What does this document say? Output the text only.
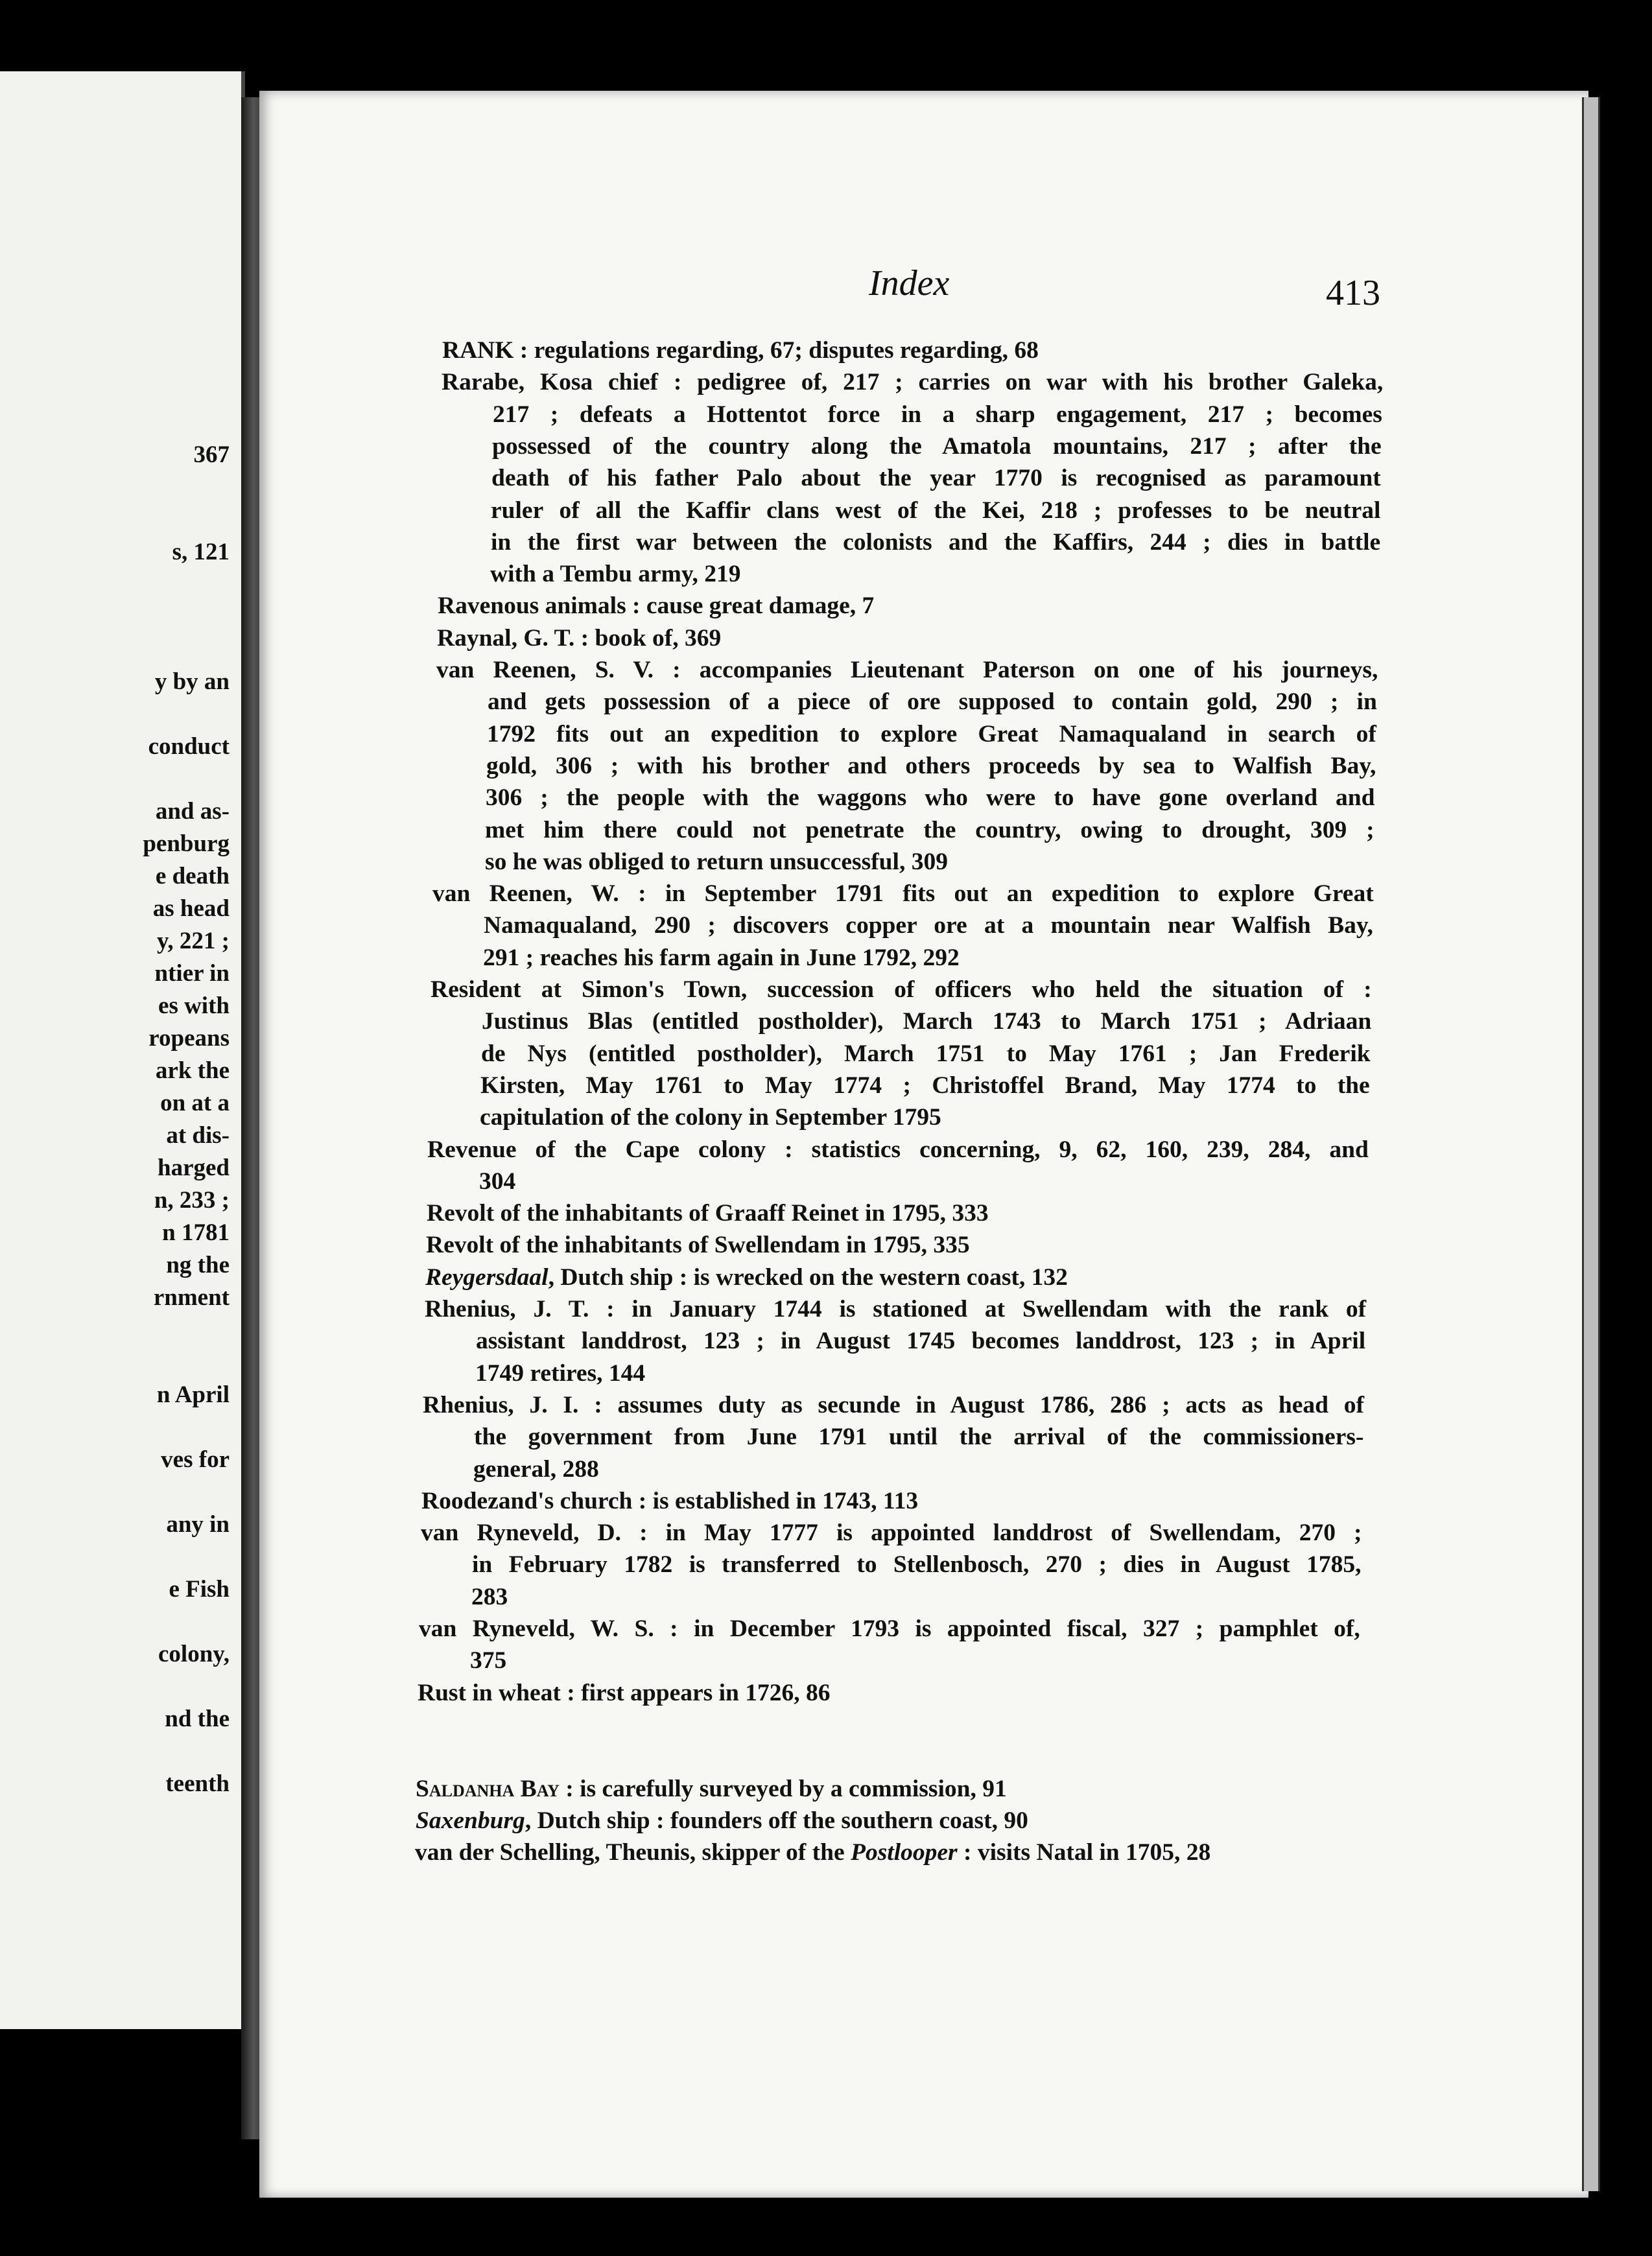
367
s, 121
y by an
conduct
and as-
penburg
e death
as head
y, 221 ;
ntier in
es with
ropeans
ark the
on at a
at dis-
harged
n, 233 ;
n 1781
ng the
rnment
n April
ves for
any in
e Fish
colony,
nd the
teenth
Index	413
RANK : regulations regarding, 67; disputes regarding, 68
Rarabe, Kosa chief : pedigree of, 217 ; carries on war with his brother Galeka,
217 ; defeats a Hottentot force in a sharp engagement, 217 ; becomes
possessed of the country along the Amatola mountains, 217 ; after the
death of his father Palo about the year 1770 is recognised as paramount
ruler of all the Kaffir clans west of the Kei, 218 ; professes to be neutral
in the first war between the colonists and the Kaffirs, 244 ; dies in battle
with a Tembu army, 219
Ravenous animals : cause great damage, 7
Raynal, G. T. : book of, 369
van Reenen, S. V. : accompanies Lieutenant Paterson on one of his journeys,
and gets possession of a piece of ore supposed to contain gold, 290 ; in
1792 fits out an expedition to explore Great Namaqualand in search of
gold, 306 ; with his brother and others proceeds by sea to Walfish Bay,
306 ; the people with the waggons who were to have gone overland and
met him there could not penetrate the country, owing to drought, 309 ;
so he was obliged to return unsuccessful, 309
van Reenen, W. : in September 1791 fits out an expedition to explore Great
Namaqualand, 290 ; discovers copper ore at a mountain near Walfish Bay,
291 ; reaches his farm again in June 1792, 292
Resident at Simon's Town, succession of officers who held the situation of :
Justinus Blas (entitled postholder), March 1743 to March 1751 ; Adriaan
de Nys (entitled postholder), March 1751 to May 1761 ; Jan Frederik
Kirsten, May 1761 to May 1774 ; Christoffel Brand, May 1774 to the
capitulation of the colony in September 1795
Revenue of the Cape colony : statistics concerning, 9, 62, 160, 239, 284, and
304
Revolt of the inhabitants of Graaff Reinet in 1795, 333
Revolt of the inhabitants of Swellendam in 1795, 335
Reygersdaal, Dutch ship : is wrecked on the western coast, 132
Rhenius, J. T. : in January 1744 is stationed at Swellendam with the rank of
assistant landdrost, 123 ; in August 1745 becomes landdrost, 123 ; in April
1749 retires, 144
Rhenius, J. I. : assumes duty as secunde in August 1786, 286 ; acts as head of
the government from June 1791 until the arrival of the commissioners-
general, 288
Roodezand's church : is established in 1743, 113
van Ryneveld, D. : in May 1777 is appointed landdrost of Swellendam, 270 ;
in February 1782 is transferred to Stellenbosch, 270 ; dies in August 1785,
283
van Ryneveld, W. S. : in December 1793 is appointed fiscal, 327 ; pamphlet of,
375
Rust in wheat : first appears in 1726, 86
Saldanha Bay : is carefully surveyed by a commission, 91
Saxenburg, Dutch ship : founders off the southern coast, 90
van der Schelling, Theunis, skipper of the Postlooper : visits Natal in 1705, 28
